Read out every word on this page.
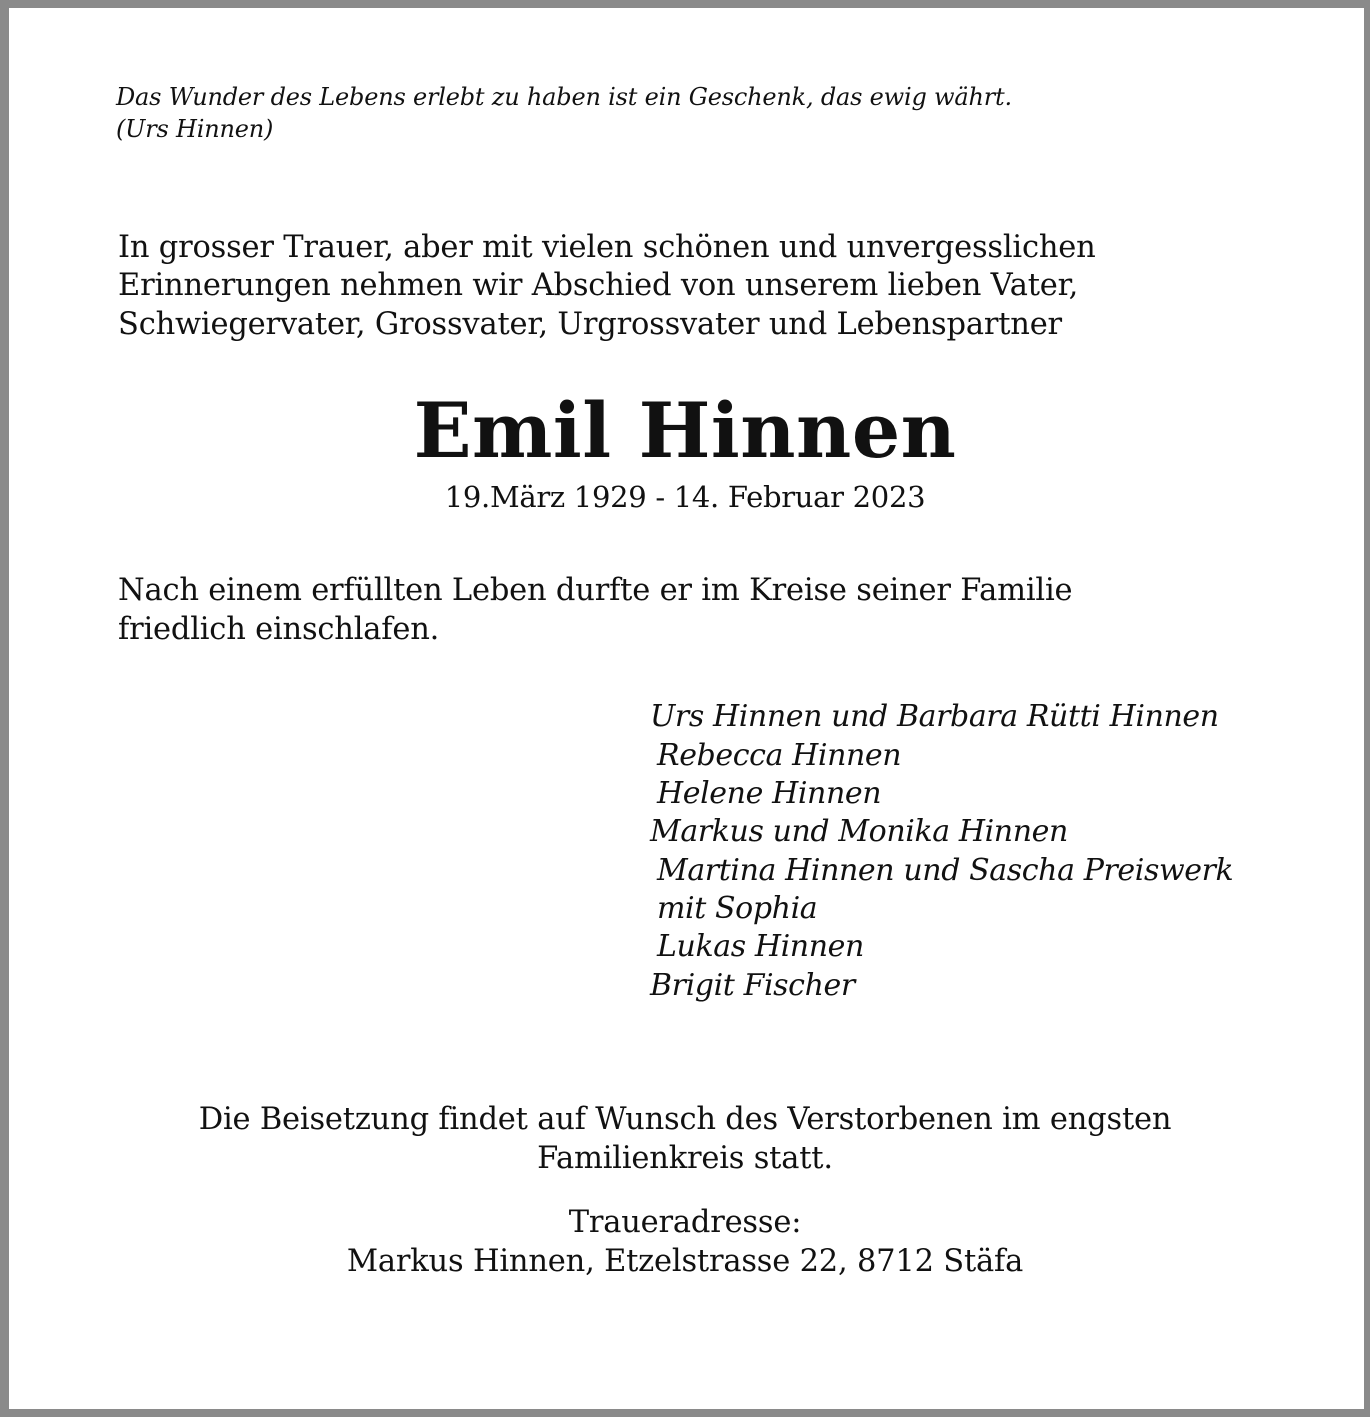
Das Wunder des Lebens erlebt zu haben ist ein Geschenk, das ewig währt.

(Urs Hinnen)

In grosser Trauer, aber mit vielen schönen und unvergesslichen

Erinnerungen nehmen wir Abschied von unserem lieben Vater,

Schwiegervater, Grossvater, Urgrossvater und Lebenspartner

Emil Hinnen

19.März 1929 - 14. Februar 2023

Nach einem erfüllten Leben durfte er im Kreise seiner Familie

friedlich einschlafen.

Urs Hinnen und Barbara Rütti Hinnen

Rebecca Hinnen

Helene Hinnen

Markus und Monika Hinnen

Martina Hinnen und Sascha Preiswerk

mit Sophia

Lukas Hinnen

Brigit Fischer

Die Beisetzung findet auf Wunsch des Verstorbenen im engsten

Familienkreis statt.

Traueradresse:

Markus Hinnen, Etzelstrasse 22, 8712 Stäfa
